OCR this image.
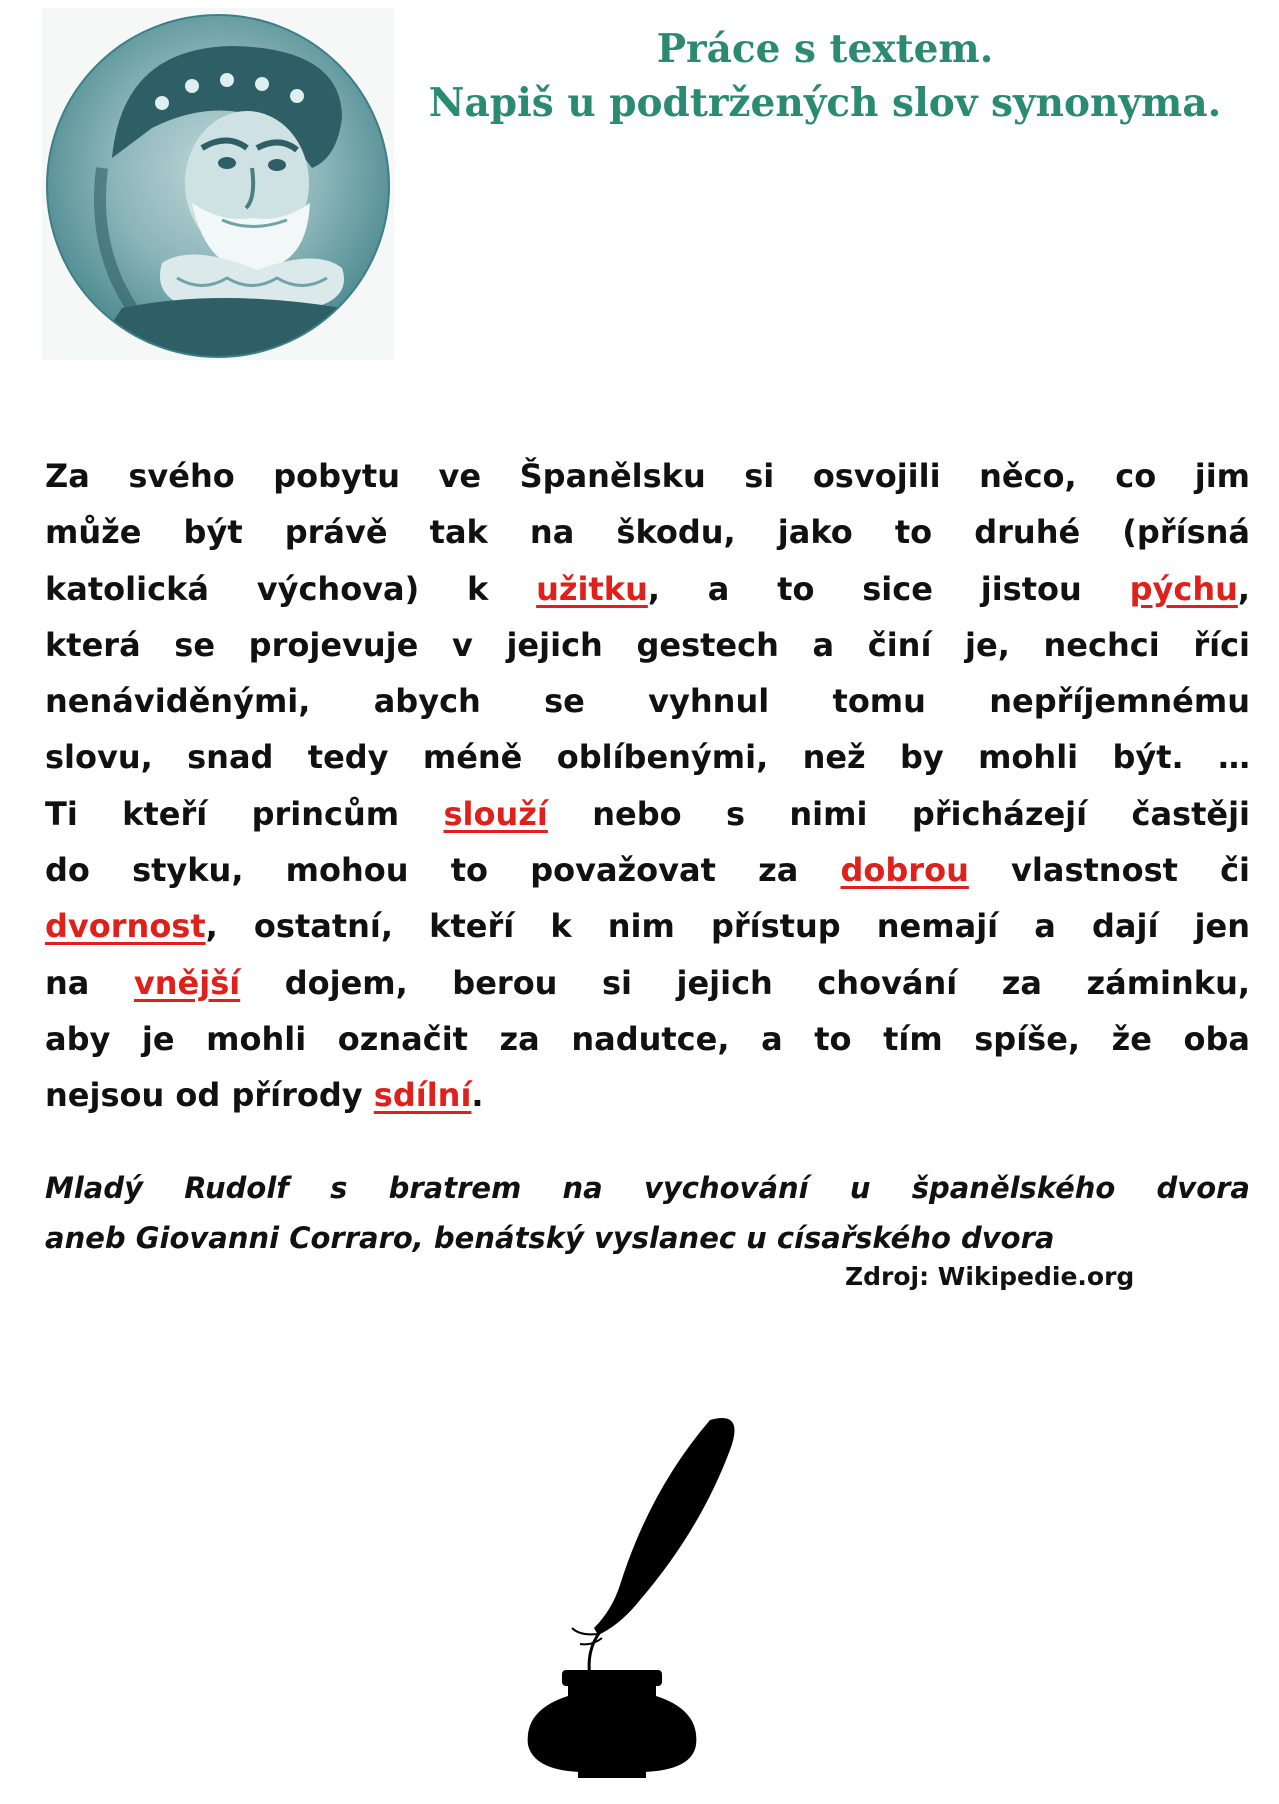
Práce s textem.
Napiš u podtržených slov synonyma.
Za svého pobytu ve Španělsku si osvojili něco, co jim
může být právě tak na škodu, jako to druhé (přísná
katolická výchova) k užitku, a to sice jistou pýchu,
která se projevuje v jejich gestech a činí je, nechci říci
nenáviděnými, abych se vyhnul tomu nepříjemnému
slovu, snad tedy méně oblíbenými, než by mohli být. …
Ti kteří princům slouží nebo s nimi přicházejí častěji
do styku, mohou to považovat za dobrou vlastnost či
dvornost, ostatní, kteří k nim přístup nemají a dají jen
na vnější dojem, berou si jejich chování za záminku,
aby je mohli označit za nadutce, a to tím spíše, že oba
nejsou od přírody sdílní.
Mladý Rudolf s bratrem na vychování u španělského dvora
aneb Giovanni Corraro, benátský vyslanec u císařského dvora
Zdroj: Wikipedie.org
